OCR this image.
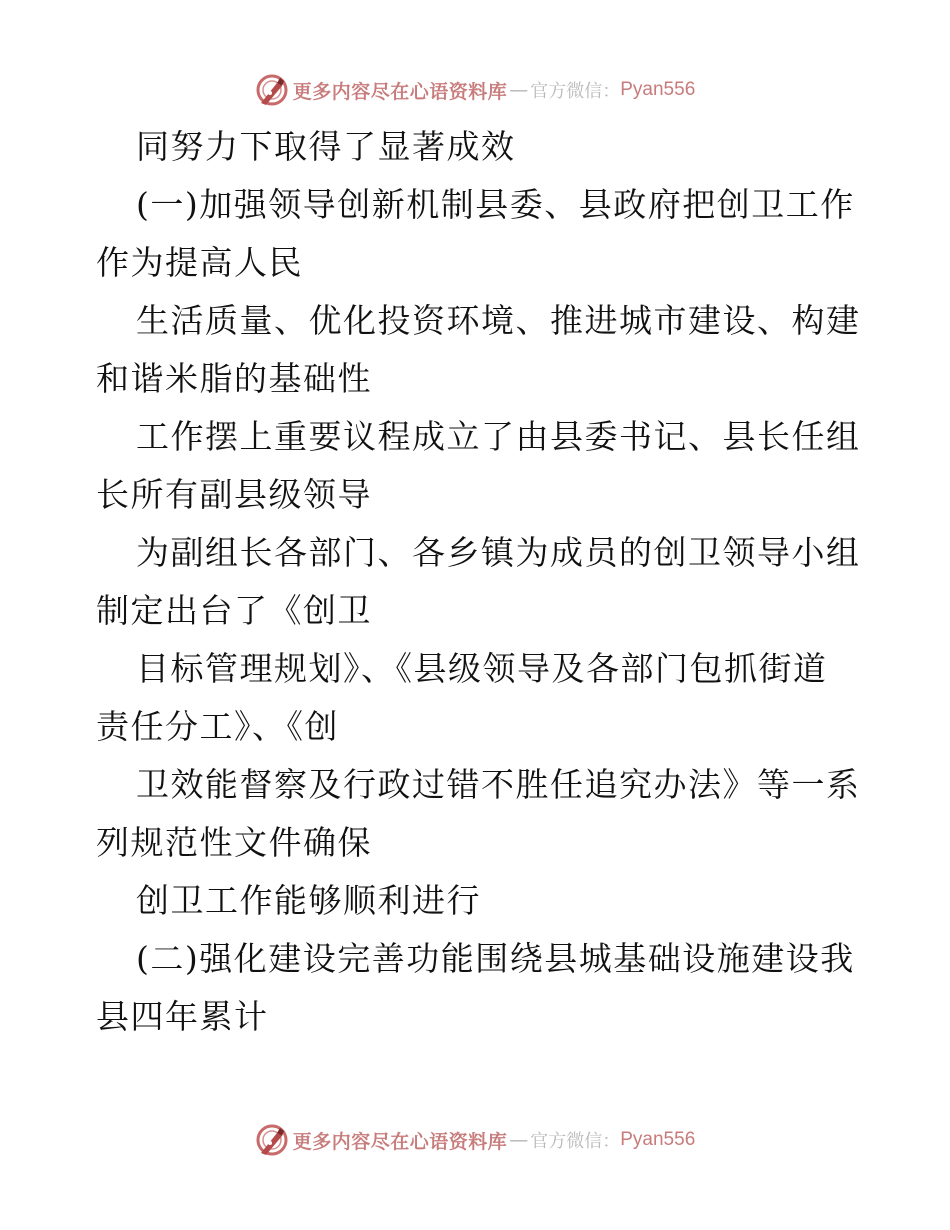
更多内容尽在心语资料库 — 官方微信： Pyan556
同努力下取得了显著成效
(一)加强领导创新机制县委、县政府把创卫工作
作为提高人民
生活质量、优化投资环境、推进城市建设、构建
和谐米脂的基础性
工作摆上重要议程成立了由县委书记、县长任组
长所有副县级领导
为副组长各部门、各乡镇为成员的创卫领导小组
制定出台了《创卫
目标管理规划》、《县级领导及各部门包抓街道
责任分工》、《创
卫效能督察及行政过错不胜任追究办法》等一系
列规范性文件确保
创卫工作能够顺利进行
(二)强化建设完善功能围绕县城基础设施建设我
县四年累计
更多内容尽在心语资料库 — 官方微信： Pyan556
